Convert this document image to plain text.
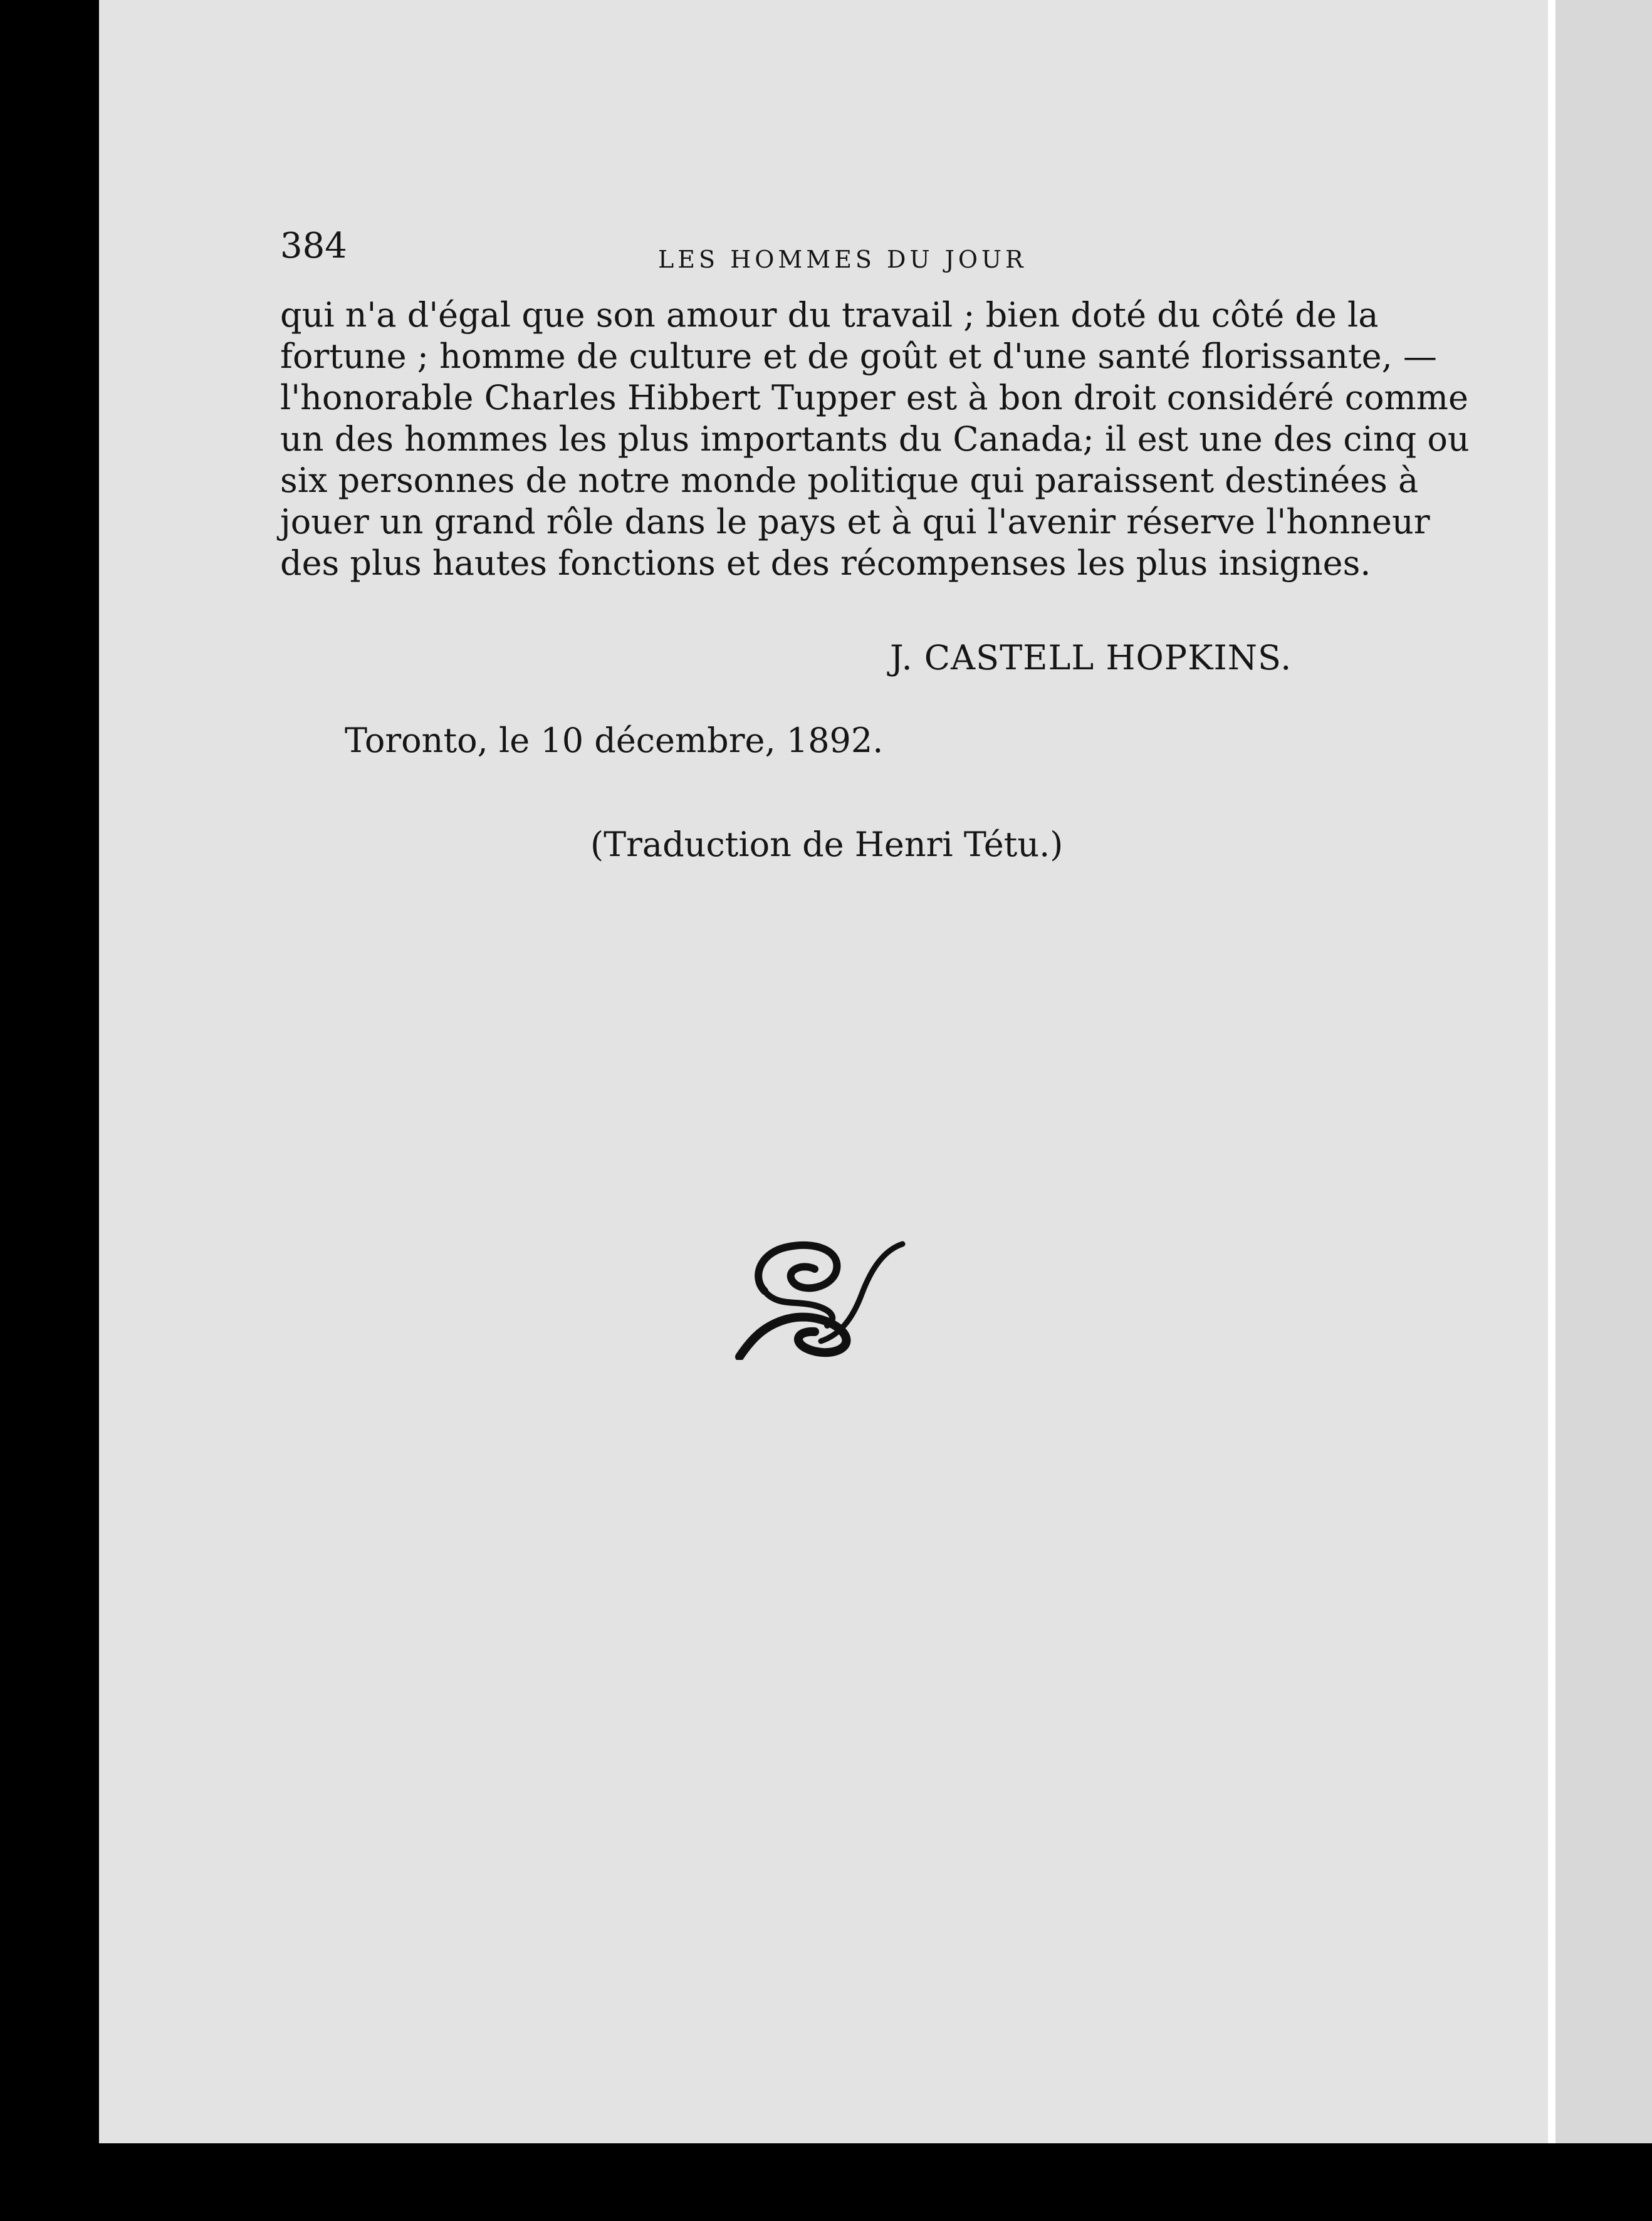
384	LES HOMMES DU JOUR
qui n'a d'égal que son amour du travail ; bien doté du côté de la
fortune ; homme de culture et de goût et d'une santé florissante, —
l'honorable Charles Hibbert Tupper est à bon droit considéré comme
un des hommes les plus importants du Canada; il est une des cinq ou
six personnes de notre monde politique qui paraissent destinées à
jouer un grand rôle dans le pays et à qui l'avenir réserve l'honneur
des plus hautes fonctions et des récompenses les plus insignes.
J. CASTELL HOPKINS.
Toronto, le 10 décembre, 1892.
(Traduction de Henri Tétu.)
